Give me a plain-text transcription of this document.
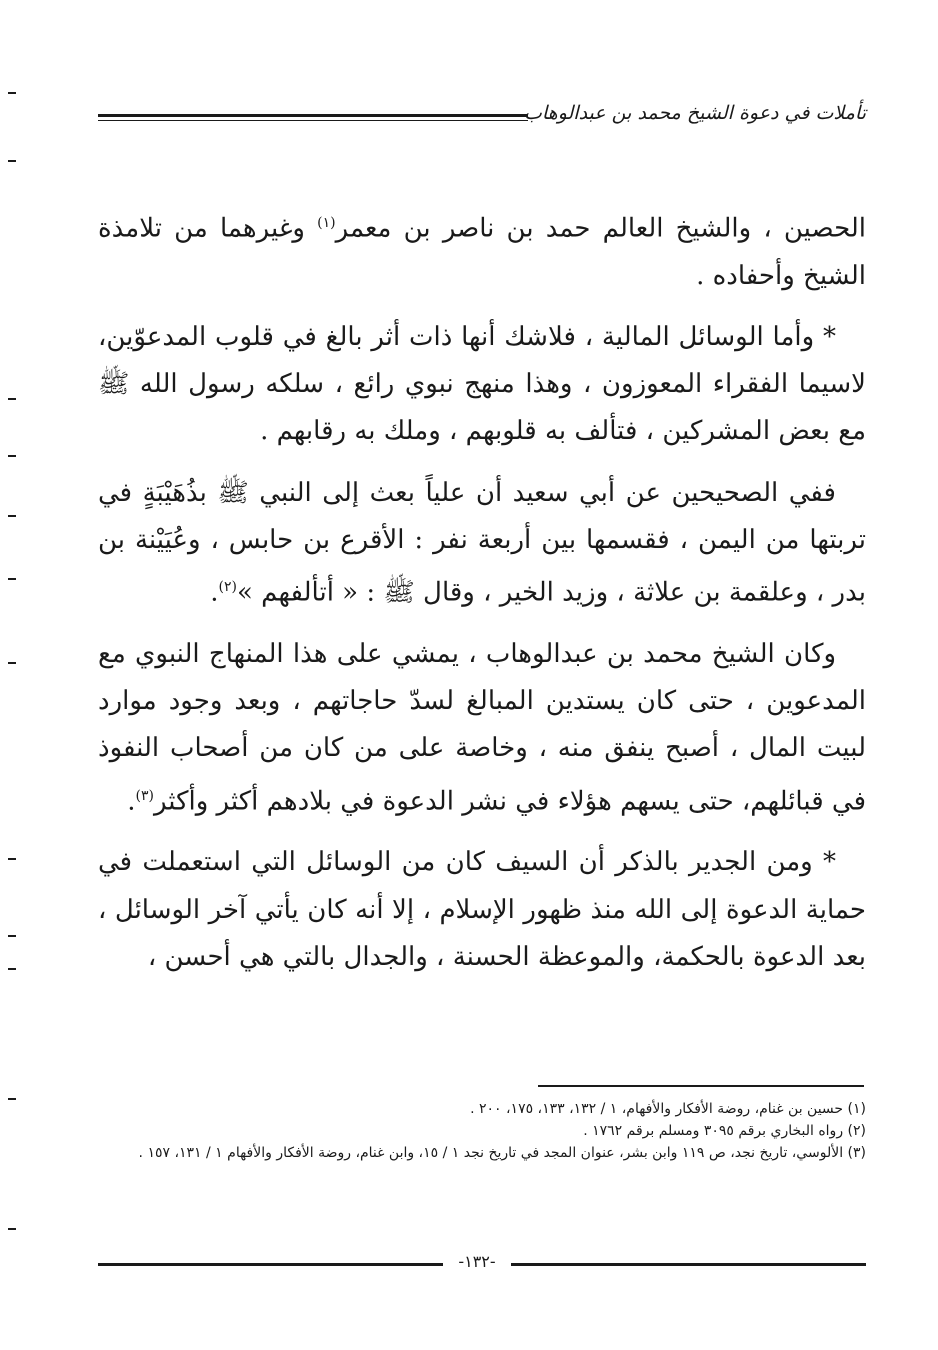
تأملات في دعوة الشيخ محمد بن عبدالوهاب

الحصين ، والشيخ العالم حمد بن ناصر بن معمر$^{(١)}$ وغيرهما من تلامذة الشيخ وأحفاده .

* وأما الوسائل المالية ، فلاشك أنها ذات أثر بالغ في قلوب المدعوّين، لاسيما الفقراء المعوزون ، وهذا منهج نبوي رائع ، سلكه رسول الله ﷺ مع بعض المشركين ، فتألف به قلوبهم ، وملك به رقابهم .

ففي الصحيحين عن أبي سعيد أن علياً بعث إلى النبي ﷺ بذُهَيْبَةٍ في تربتها من اليمن ، فقسمها بين أربعة نفر : الأقرع بن حابس ، وعُيَيْنة بن بدر ، وعلقمة بن علاثة ، وزيد الخير ، وقال ﷺ : « أتألفهم »$^{(٢)}$.

وكان الشيخ محمد بن عبدالوهاب ، يمشي على هذا المنهاج النبوي مع المدعوين ، حتى كان يستدين المبالغ لسدّ حاجاتهم ، وبعد وجود موارد لبيت المال ، أصبح ينفق منه ، وخاصة على من كان من أصحاب النفوذ في قبائلهم، حتى يسهم هؤلاء في نشر الدعوة في بلادهم أكثر وأكثر$^{(٣)}$.

* ومن الجدير بالذكر أن السيف كان من الوسائل التي استعملت في حماية الدعوة إلى الله منذ ظهور الإسلام ، إلا أنه كان يأتي آخر الوسائل ، بعد الدعوة بالحكمة، والموعظة الحسنة ، والجدال بالتي هي أحسن ،

(١) حسين بن غنام، روضة الأفكار والأفهام، ١ / ١٣٢، ١٣٣، ١٧٥، ٢٠٠ .
(٢) رواه البخاري برقم ٣٠٩٥ ومسلم برقم ١٧٦٢ .
(٣) الألوسي، تاريخ نجد، ص ١١٩ وابن بشر، عنوان المجد في تاريخ نجد ١ / ١٥، وابن غنام، روضة الأفكار والأفهام ١ / ١٣١، ١٥٧ .
-١٣٢-
